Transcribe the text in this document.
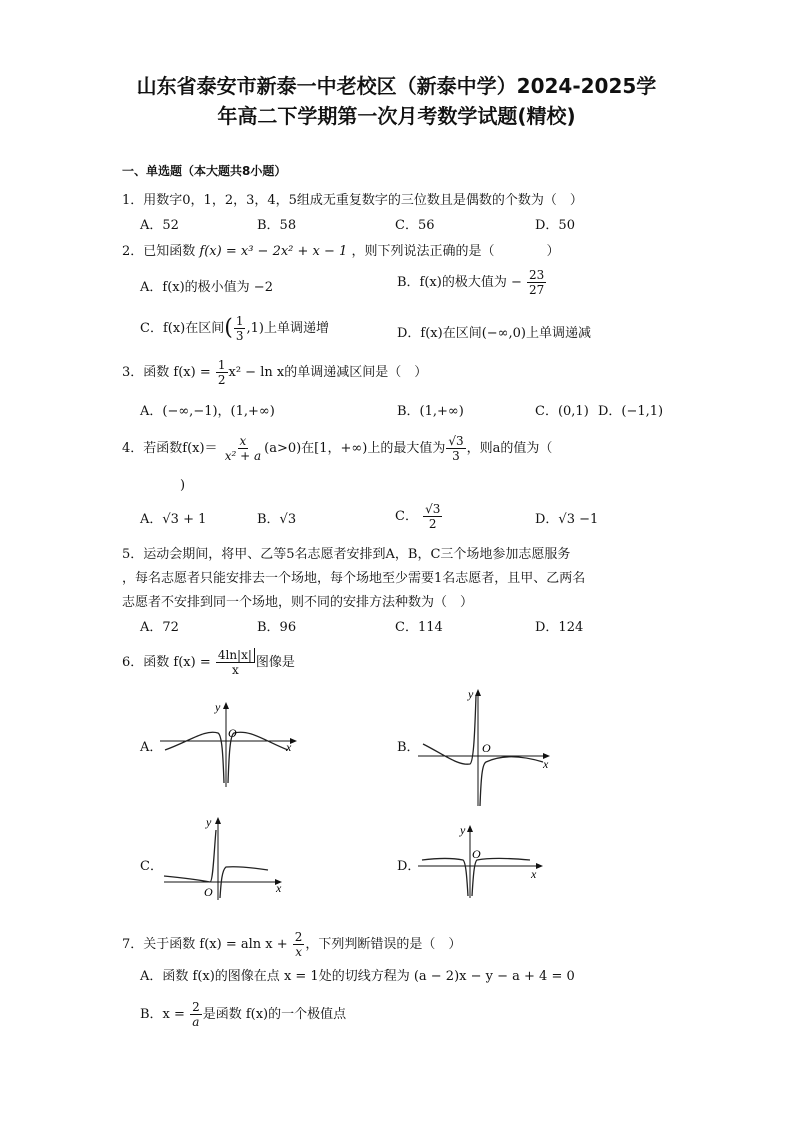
山东省泰安市新泰一中老校区（新泰中学）2024-2025学
年高二下学期第一次月考数学试题(精校)
一、单选题（本大题共8小题）
1．用数字0，1，2，3，4，5组成无重复数字的三位数且是偶数的个数为（　）
A．52	B．58	C．56	D．50
2．已知函数 f(x) = x³ − 2x² + x − 1 ，则下列说法正确的是（　　　　）
A．f(x)的极小值为 −2	B．f(x)的极大值为 − $\frac{23}{27}$
C．f(x)在区间( $\frac{1}{3} ,1$)上单调递增	D．f(x)在区间(−∞,0)上单调递减
3．函数 $f(x) = \frac{1}{2} x^2 - \ln x$的单调递减区间是（　）
A．(−∞,−1)，(1,+∞)	B．(1,+∞)	C．(0,1) D．(−1,1)
4．若函数$f(x)= \frac{x}{\text{x² + a}} (a>0)$在[1，+∞)上的最大值为 $\frac{√3}{3}$ ，则a的值为（
)
A．√3 + 1	B．√3	C． $\frac{√3}{2}$	D．√3 −1
5．运动会期间，将甲、乙等5名志愿者安排到A，B，C三个场地参加志愿服务
，每名志愿者只能安排去一个场地，每个场地至少需要1名志愿者，且甲、乙两名
志愿者不安排到同一个场地，则不同的安排方法种数为（　）
A．72	B．96	C．114	D．124
6．函数 $f(x) = \frac{4\ln|x|}{x}$ 图像是
A．
y
O
x	B．
y
O
x
C．
y
O	x
D．
y
O
x
7．关于函数 f(x) = aln $x + \frac{2}{x}$ ，下列判断错误的是（　）
A．函数 f(x)的图像在点 x = 1处的切线方程为 (a − 2)x − y − a + 4 = 0
B．$x = \frac{2}{a}$ 是函数 f(x)的一个极值点
